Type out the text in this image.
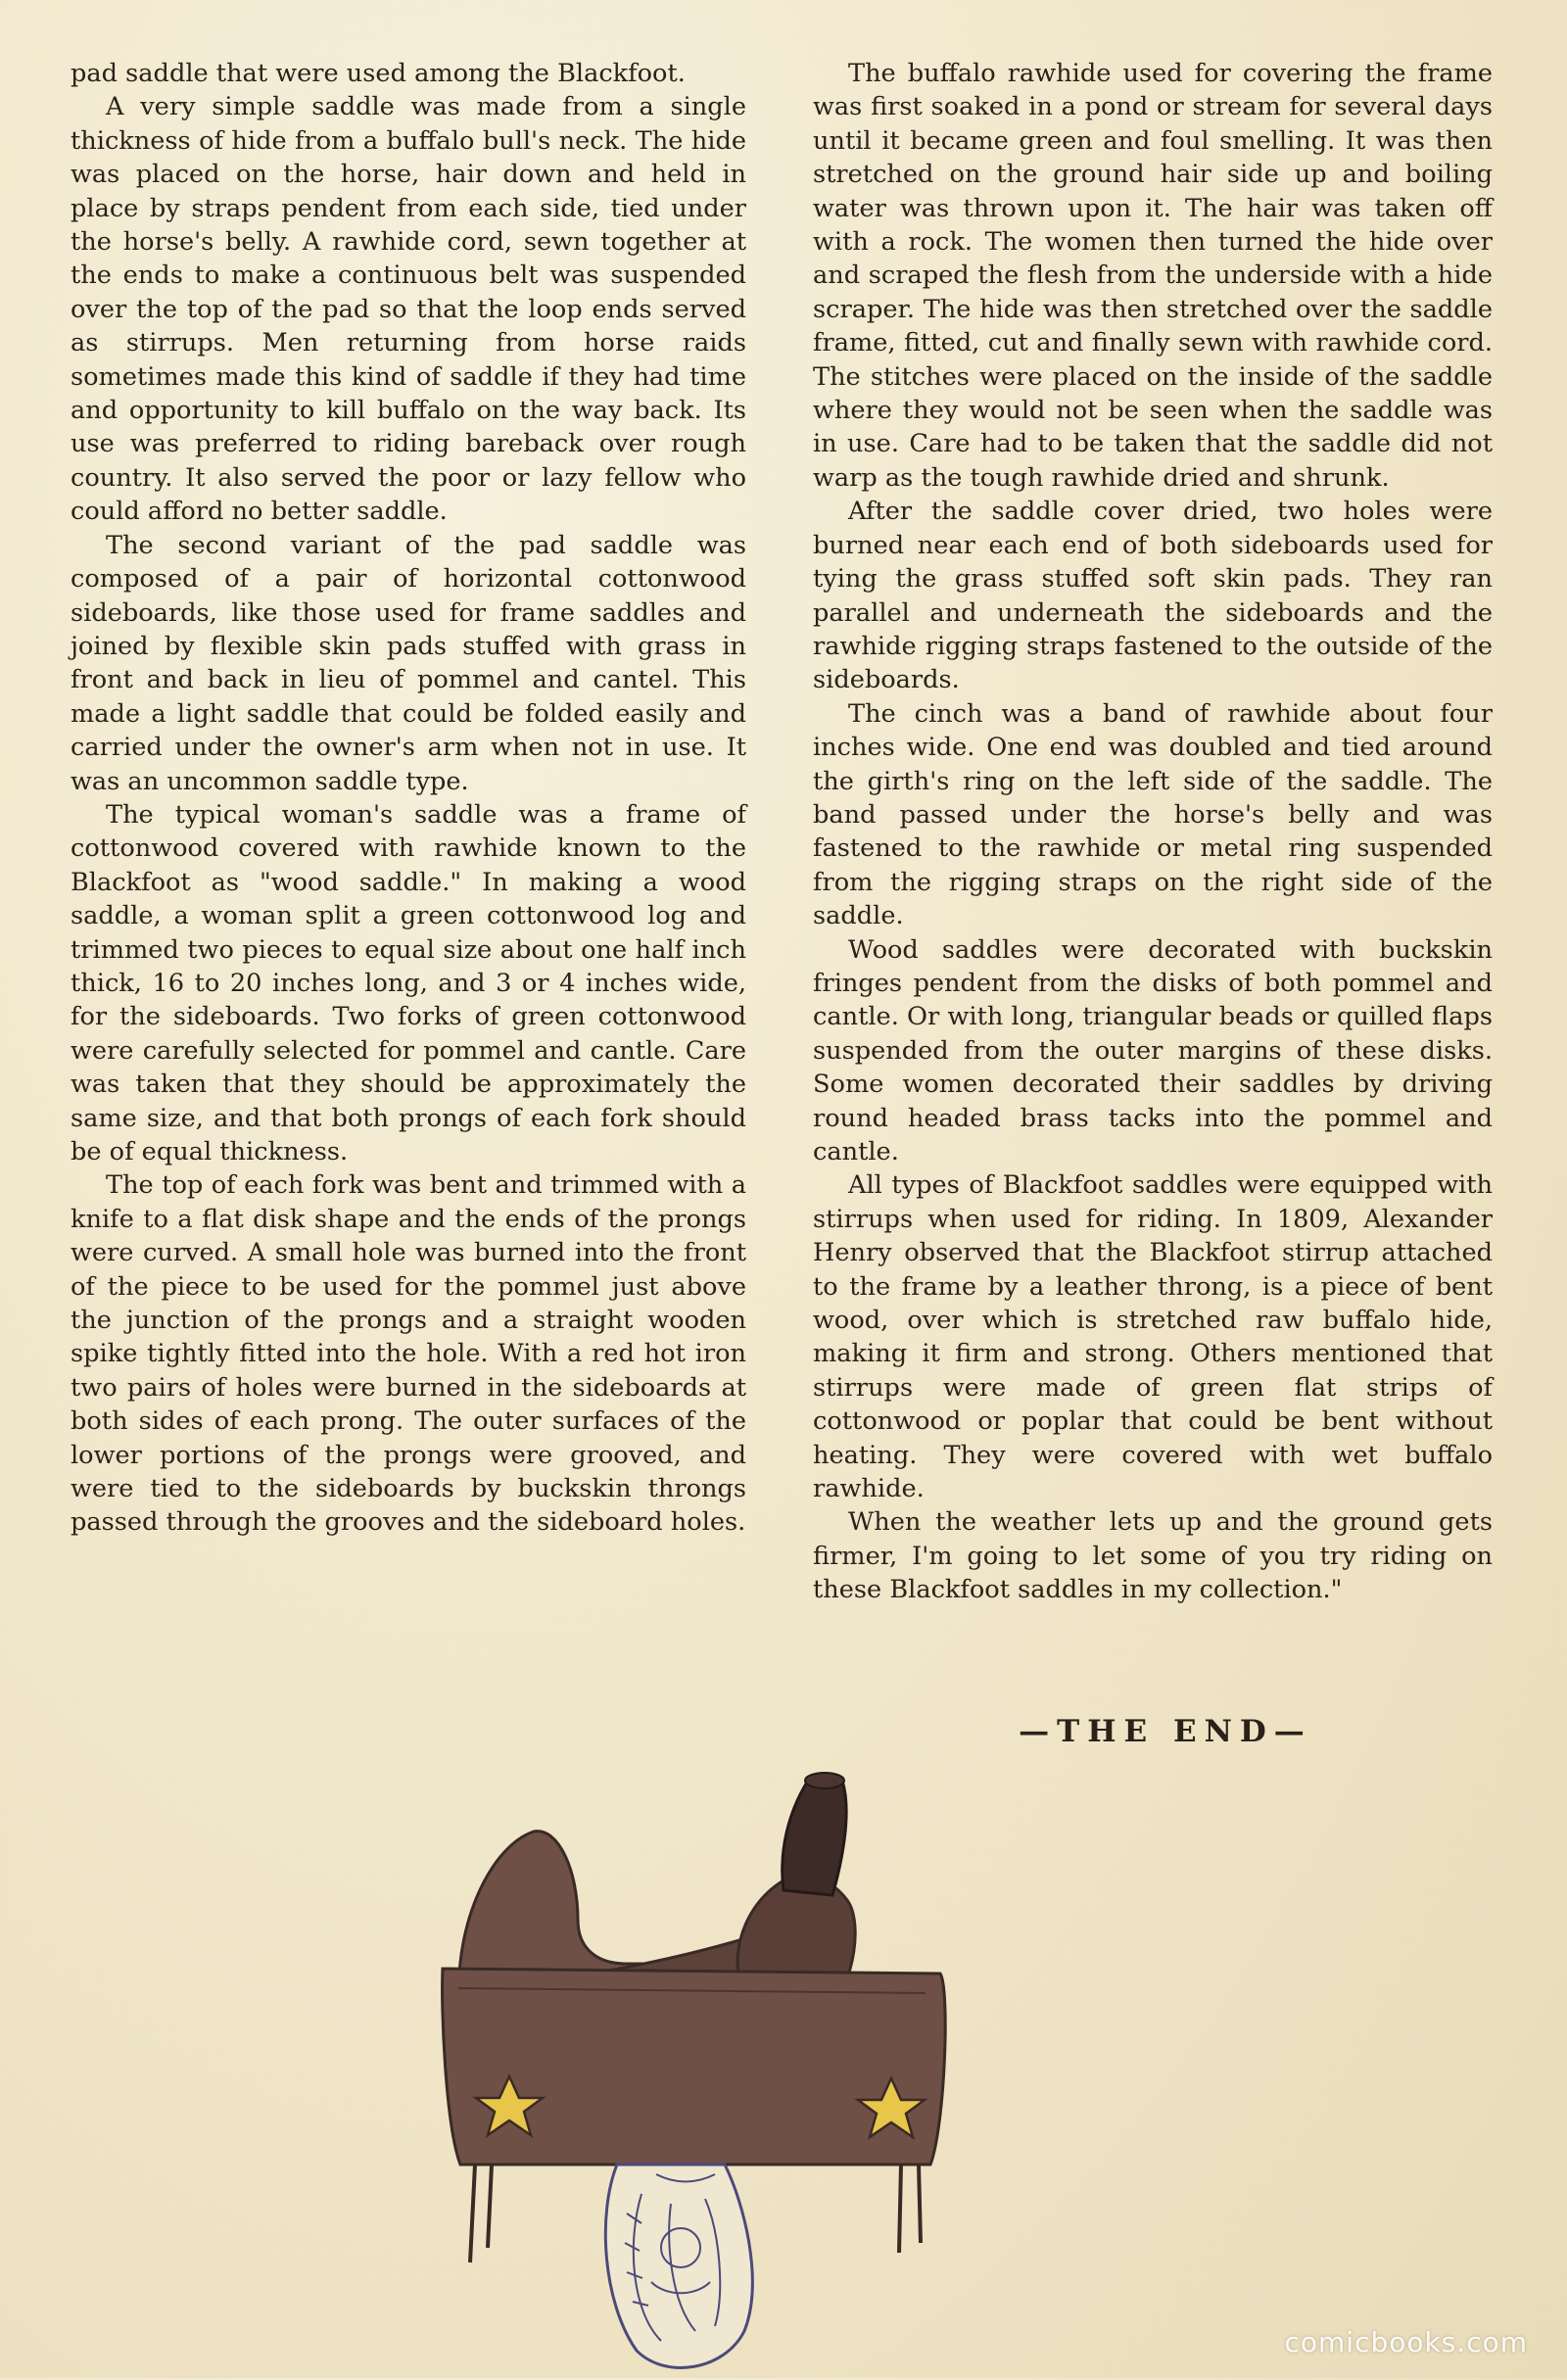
pad saddle that were used among the Blackfoot.

A very simple saddle was made from a single thickness of hide from a buffalo bull's neck. The hide was placed on the horse, hair down and held in place by straps pendent from each side, tied under the horse's belly. A rawhide cord, sewn together at the ends to make a continuous belt was suspended over the top of the pad so that the loop ends served as stirrups. Men returning from horse raids sometimes made this kind of saddle if they had time and opportunity to kill buffalo on the way back. Its use was preferred to riding bareback over rough country. It also served the poor or lazy fellow who could afford no better saddle.

The second variant of the pad saddle was composed of a pair of horizontal cottonwood sideboards, like those used for frame saddles and joined by flexible skin pads stuffed with grass in front and back in lieu of pommel and cantel. This made a light saddle that could be folded easily and carried under the owner's arm when not in use. It was an uncommon saddle type.

The typical woman's saddle was a frame of cottonwood covered with rawhide known to the Blackfoot as "wood saddle." In making a wood saddle, a woman split a green cottonwood log and trimmed two pieces to equal size about one half inch thick, 16 to 20 inches long, and 3 or 4 inches wide, for the sideboards. Two forks of green cottonwood were carefully selected for pommel and cantle. Care was taken that they should be approximately the same size, and that both prongs of each fork should be of equal thickness.

The top of each fork was bent and trimmed with a knife to a flat disk shape and the ends of the prongs were curved. A small hole was burned into the front of the piece to be used for the pommel just above the junction of the prongs and a straight wooden spike tightly fitted into the hole. With a red hot iron two pairs of holes were burned in the sideboards at both sides of each prong. The outer surfaces of the lower portions of the prongs were grooved, and were tied to the sideboards by buckskin throngs passed through the grooves and the sideboard holes.

The buffalo rawhide used for covering the frame was first soaked in a pond or stream for several days until it became green and foul smelling. It was then stretched on the ground hair side up and boiling water was thrown upon it. The hair was taken off with a rock. The women then turned the hide over and scraped the flesh from the underside with a hide scraper. The hide was then stretched over the saddle frame, fitted, cut and finally sewn with rawhide cord. The stitches were placed on the inside of the saddle where they would not be seen when the saddle was in use. Care had to be taken that the saddle did not warp as the tough rawhide dried and shrunk.

After the saddle cover dried, two holes were burned near each end of both sideboards used for tying the grass stuffed soft skin pads. They ran parallel and underneath the sideboards and the rawhide rigging straps fastened to the outside of the sideboards.

The cinch was a band of rawhide about four inches wide. One end was doubled and tied around the girth's ring on the left side of the saddle. The band passed under the horse's belly and was fastened to the rawhide or metal ring suspended from the rigging straps on the right side of the saddle.

Wood saddles were decorated with buckskin fringes pendent from the disks of both pommel and cantle. Or with long, triangular beads or quilled flaps suspended from the outer margins of these disks. Some women decorated their saddles by driving round headed brass tacks into the pommel and cantle.

All types of Blackfoot saddles were equipped with stirrups when used for riding. In 1809, Alexander Henry observed that the Blackfoot stirrup attached to the frame by a leather throng, is a piece of bent wood, over which is stretched raw buffalo hide, making it firm and strong. Others mentioned that stirrups were made of green flat strips of cottonwood or poplar that could be bent without heating. They were covered with wet buffalo rawhide.

When the weather lets up and the ground gets firmer, I'm going to let some of you try riding on these Blackfoot saddles in my collection."

—THE END—
comicbooks.com
